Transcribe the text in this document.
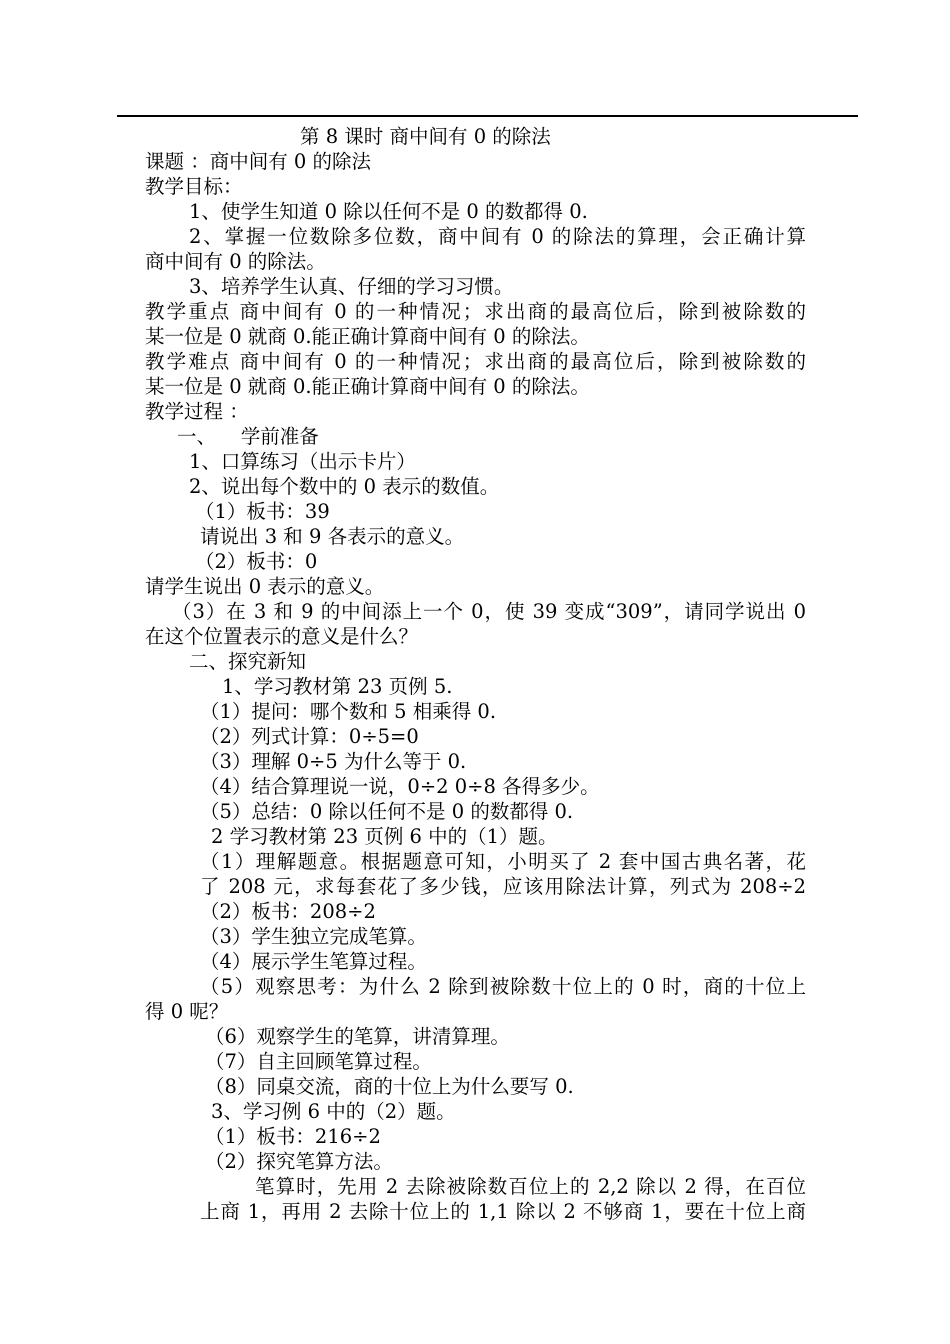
第 8 课时 商中间有 0 的除法
课题 ：商中间有 0 的除法
教学目标：
1、使学生知道 0 除以任何不是 0 的数都得 0.
2、掌握一位数除多位数，商中间有 0 的除法的算理，会正确计算
商中间有 0 的除法。
3、培养学生认真、仔细的学习习惯。
教学重点 商中间有 0 的一种情况；求出商的最高位后，除到被除数的
某一位是 0 就商 0.能正确计算商中间有 0 的除法。
教学难点 商中间有 0 的一种情况；求出商的最高位后，除到被除数的
某一位是 0 就商 0.能正确计算商中间有 0 的除法。
教学过程 ：
一、    学前准备
1、口算练习（出示卡片）
2、说出每个数中的 0 表示的数值。
（1）板书：39
请说出 3 和 9 各表示的意义。
（2）板书：0
请学生说出 0 表示的意义。
（3）在 3 和 9 的中间添上一个 0，使 39 变成“309”，请同学说出 0
在这个位置表示的意义是什么？
二、探究新知
1、学习教材第 23 页例 5.
（1）提问：哪个数和 5 相乘得 0.
（2）列式计算：0÷5=0
（3）理解 0÷5 为什么等于 0.
（4）结合算理说一说，0÷2 0÷8 各得多少。
（5）总结：0 除以任何不是 0 的数都得 0.
2 学习教材第 23 页例 6 中的（1）题。
（1）理解题意。根据题意可知，小明买了 2 套中国古典名著，花
了 208 元，求每套花了多少钱，应该用除法计算，列式为 208÷2
（2）板书：208÷2
（3）学生独立完成笔算。
（4）展示学生笔算过程。
（5）观察思考：为什么 2 除到被除数十位上的 0 时，商的十位上
得 0 呢？
（6）观察学生的笔算，讲清算理。
（7）自主回顾笔算过程。
（8）同桌交流，商的十位上为什么要写 0.
3、学习例 6 中的（2）题。
（1）板书：216÷2
（2）探究笔算方法。
笔算时，先用 2 去除被除数百位上的 2,2 除以 2 得，在百位
上商 1，再用 2 去除十位上的 1,1 除以 2 不够商 1，要在十位上商
